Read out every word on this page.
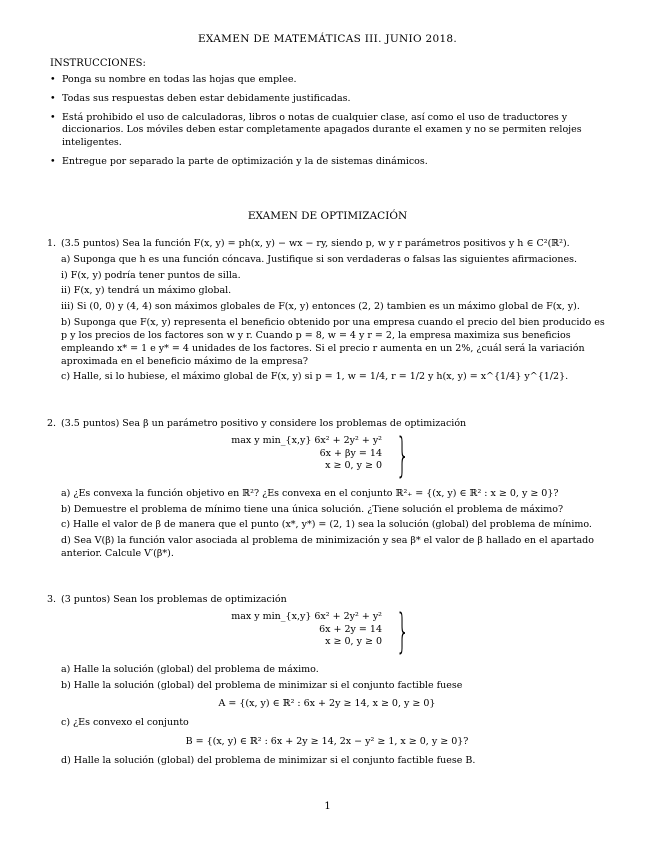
EXAMEN DE MATEMÁTICAS III. JUNIO 2018.
INSTRUCCIONES:
• Ponga su nombre en todas las hojas que emplee.
• Todas sus respuestas deben estar debidamente justificadas.
• Está prohibido el uso de calculadoras, libros o notas de cualquier clase, así como el uso de traductores y diccionarios. Los móviles deben estar completamente apagados durante el examen y no se permiten relojes inteligentes.
• Entregue por separado la parte de optimización y la de sistemas dinámicos.
EXAMEN DE OPTIMIZACIÓN
1. (3.5 puntos) Sea la función F(x, y) = ph(x, y) − wx − ry, siendo p, w y r parámetros positivos y h ∈ C²(ℝ²).
a) Suponga que h es una función cóncava. Justifique si son verdaderas o falsas las siguientes afirmaciones.
i) F(x, y) podría tener puntos de silla.
ii) F(x, y) tendrá un máximo global.
iii) Si (0, 0) y (4, 4) son máximos globales de F(x, y) entonces (2, 2) tambien es un máximo global de F(x, y).
b) Suponga que F(x, y) representa el beneficio obtenido por una empresa cuando el precio del bien producido es p y los precios de los factores son w y r. Cuando p = 8, w = 4 y r = 2, la empresa maximiza sus beneficios empleando x* = 1 e y* = 4 unidades de los factores. Si el precio r aumenta en un 2%, ¿cuál será la variación aproximada en el beneficio máximo de la empresa?
c) Halle, si lo hubiese, el máximo global de F(x, y) si p = 1, w = 1/4, r = 1/2 y h(x, y) = x^{1/4} y^{1/2}.
2. (3.5 puntos) Sea β un parámetro positivo y considere los problemas de optimización
max y min_{x,y} 6x² + 2y² + y²
6x + βy = 14
x ≥ 0, y ≥ 0 }
a) ¿Es convexa la función objetivo en ℝ²? ¿Es convexa en el conjunto ℝ²₊ = {(x, y) ∈ ℝ² : x ≥ 0, y ≥ 0}?
b) Demuestre el problema de mínimo tiene una única solución. ¿Tiene solución el problema de máximo?
c) Halle el valor de β de manera que el punto (x*, y*) = (2, 1) sea la solución (global) del problema de mínimo.
d) Sea V(β) la función valor asociada al problema de minimización y sea β* el valor de β hallado en el apartado anterior. Calcule V′(β*).
3. (3 puntos) Sean los problemas de optimización
max y min_{x,y} 6x² + 2y² + y²
6x + 2y = 14
x ≥ 0, y ≥ 0 }
a) Halle la solución (global) del problema de máximo.
b) Halle la solución (global) del problema de minimizar si el conjunto factible fuese
A = {(x, y) ∈ ℝ² : 6x + 2y ≥ 14, x ≥ 0, y ≥ 0}
c) ¿Es convexo el conjunto
B = {(x, y) ∈ ℝ² : 6x + 2y ≥ 14, 2x − y² ≥ 1, x ≥ 0, y ≥ 0}?
d) Halle la solución (global) del problema de minimizar si el conjunto factible fuese B.
1
